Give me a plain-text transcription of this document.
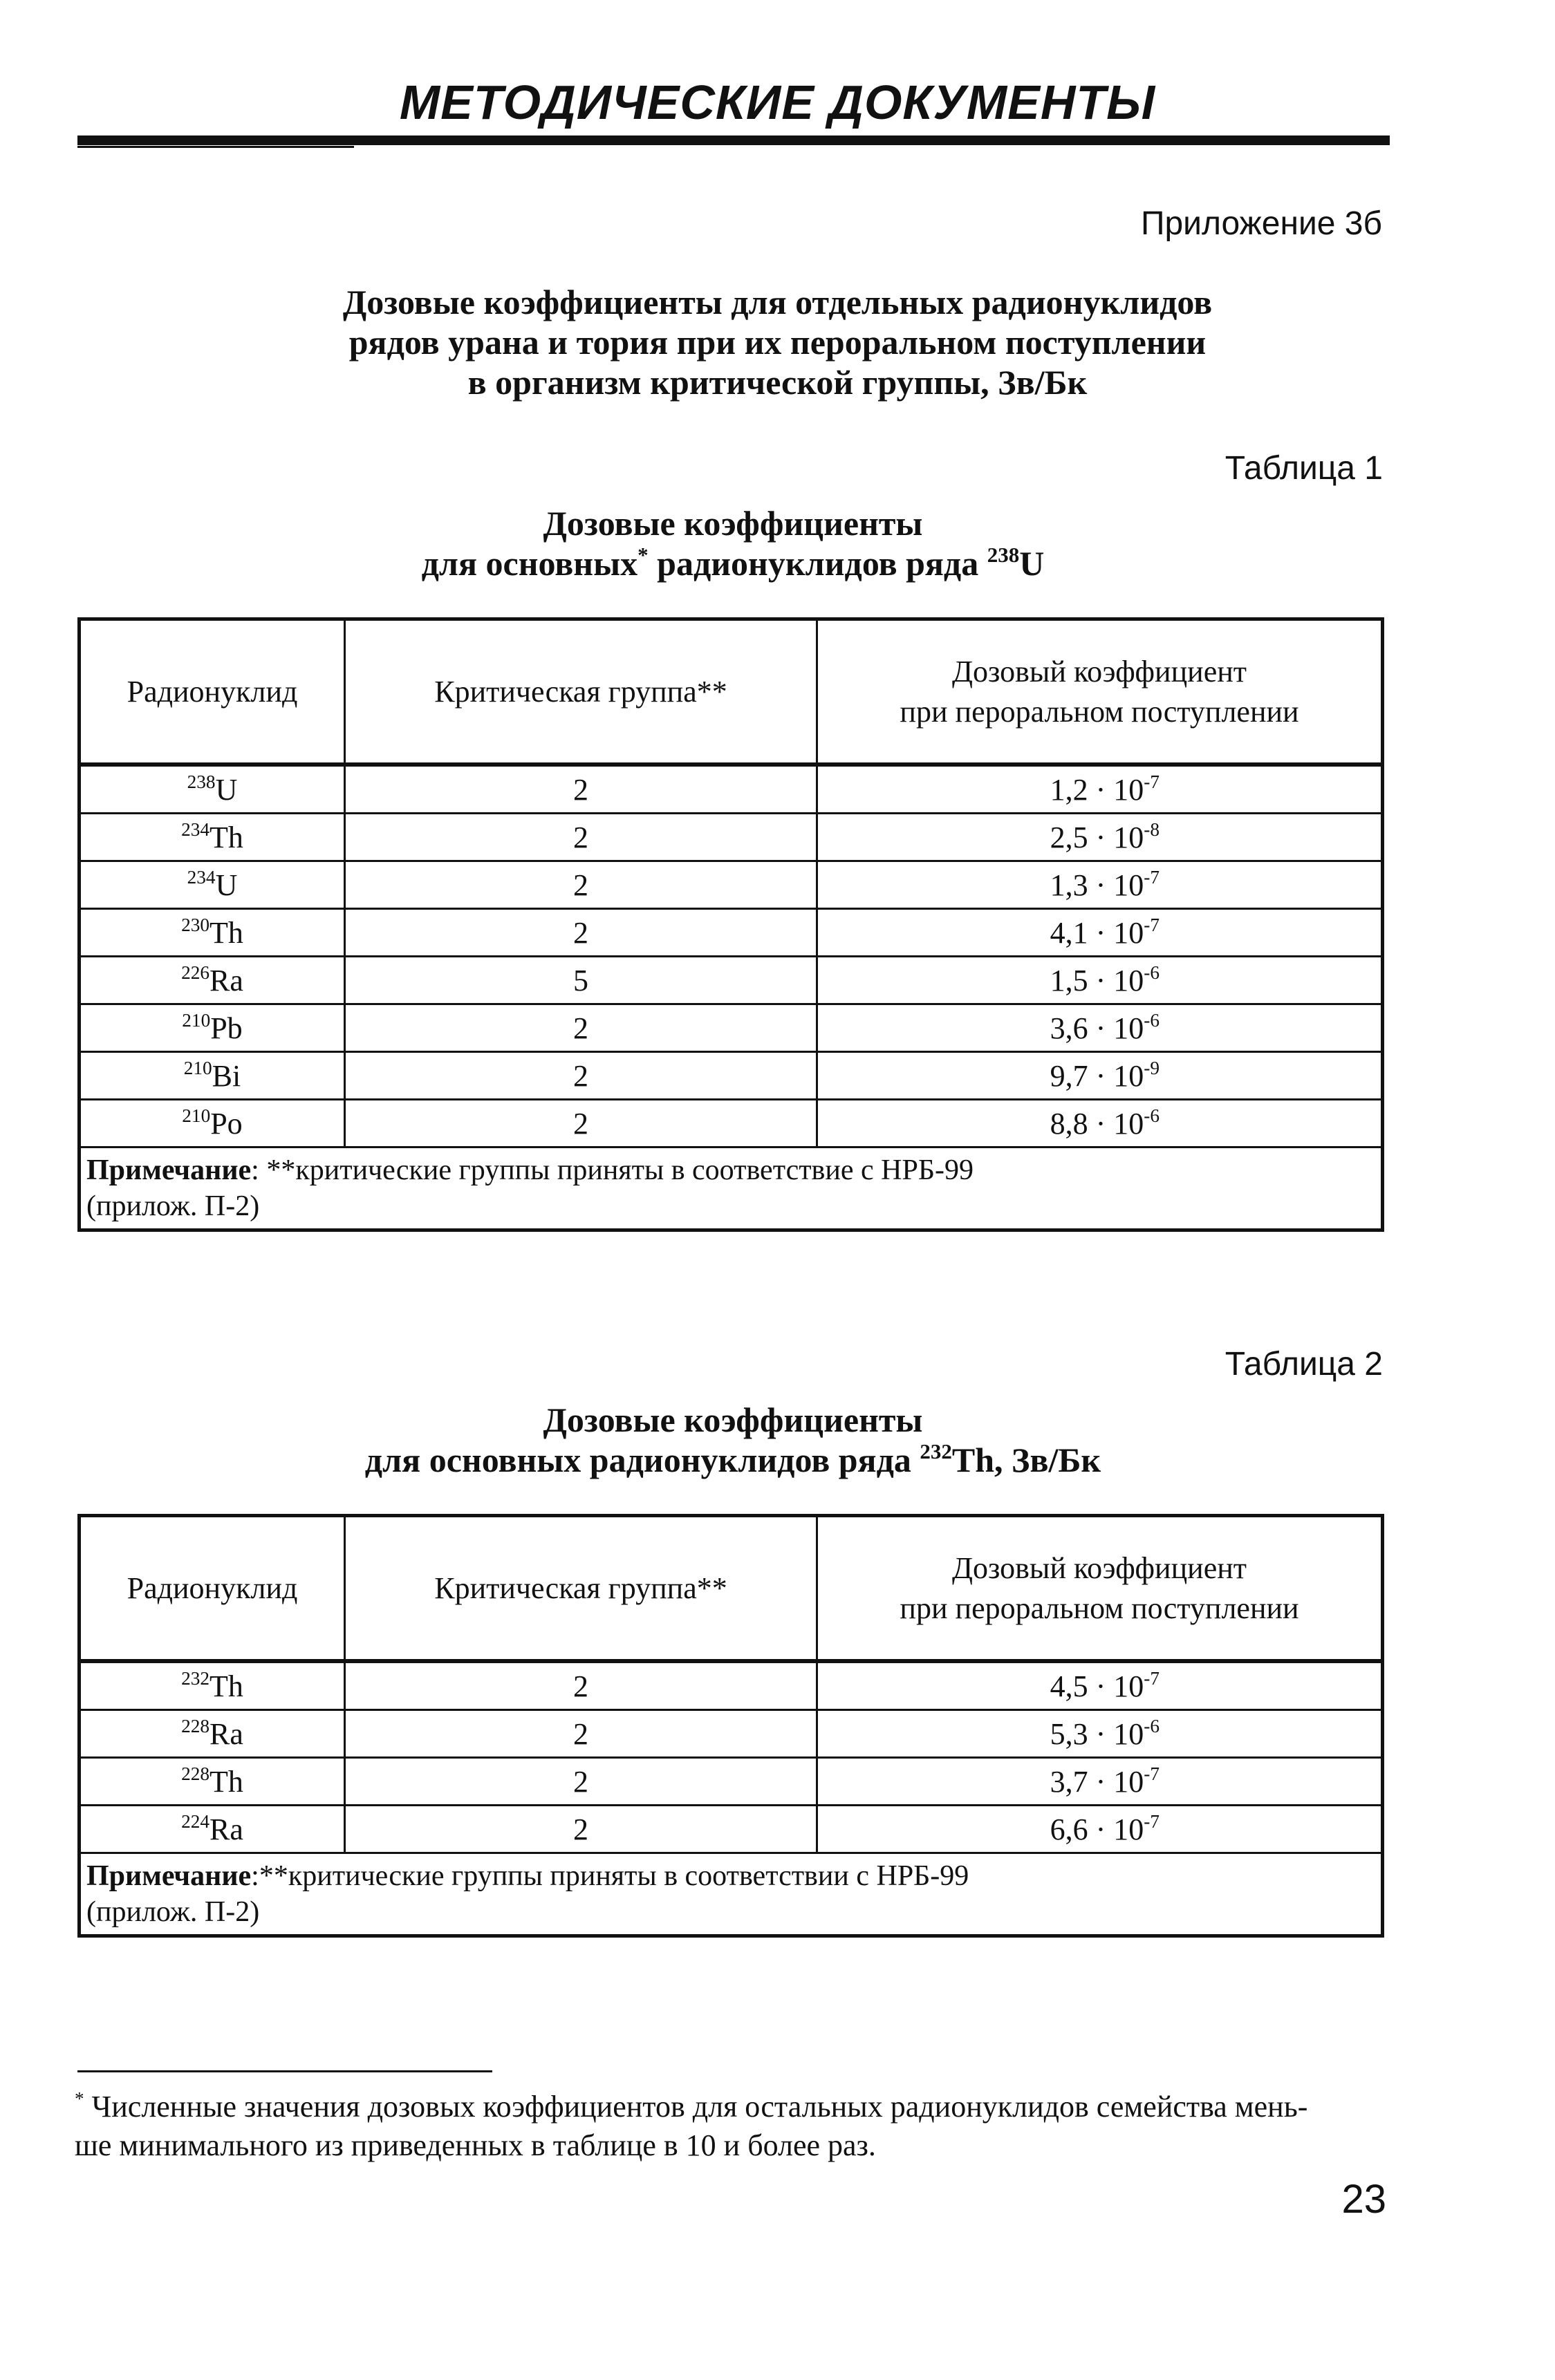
МЕТОДИЧЕСКИЕ ДОКУМЕНТЫ
Приложение 3б
Дозовые коэффициенты для отдельных радионуклидов
рядов урана и тория при их пероральном поступлении
в организм критической группы, Зв/Бк
Таблица 1
Дозовые коэффициенты
для основных* радионуклидов ряда $^{238}$U
Радионуклид	Критическая группа**	Дозовый коэффициент
при пероральном поступлении

$^{238}$U	2	$1,2 \cdot 10^{-7}$
$^{234}$Th	2	$2,5 \cdot 10^{-8}$
$^{234}$U	2	$1,3 \cdot 10^{-7}$
$^{230}$Th	2	$4,1 \cdot 10^{-7}$
$^{226}$Ra	5	$1,5 \cdot 10^{-6}$
$^{210}$Pb	2	$3,6 \cdot 10^{-6}$
$^{210}$Bi	2	$9,7 \cdot 10^{-9}$
$^{210}$Po	2	$8,8 \cdot 10^{-6}$

Примечание: **критические группы приняты в соответствие с НРБ-99
(прилож. П-2)		
Таблица 2
Дозовые коэффициенты
для основных радионуклидов ряда $^{232}$Th, Зв/Бк
Радионуклид	Критическая группа**	Дозовый коэффициент
при пероральном поступлении

$^{232}$Th	2	$4,5 \cdot 10^{-7}$
$^{228}$Ra	2	$5,3 \cdot 10^{-6}$
$^{228}$Th	2	$3,7 \cdot 10^{-7}$
$^{224}$Ra	2	$6,6 \cdot 10^{-7}$

Примечание:**критические группы приняты в соответствии с НРБ-99
(прилож. П-2)		
* Численные значения дозовых коэффициентов для остальных радионуклидов семейства мень-
ше минимального из приведенных в таблице в 10 и более раз.
23
